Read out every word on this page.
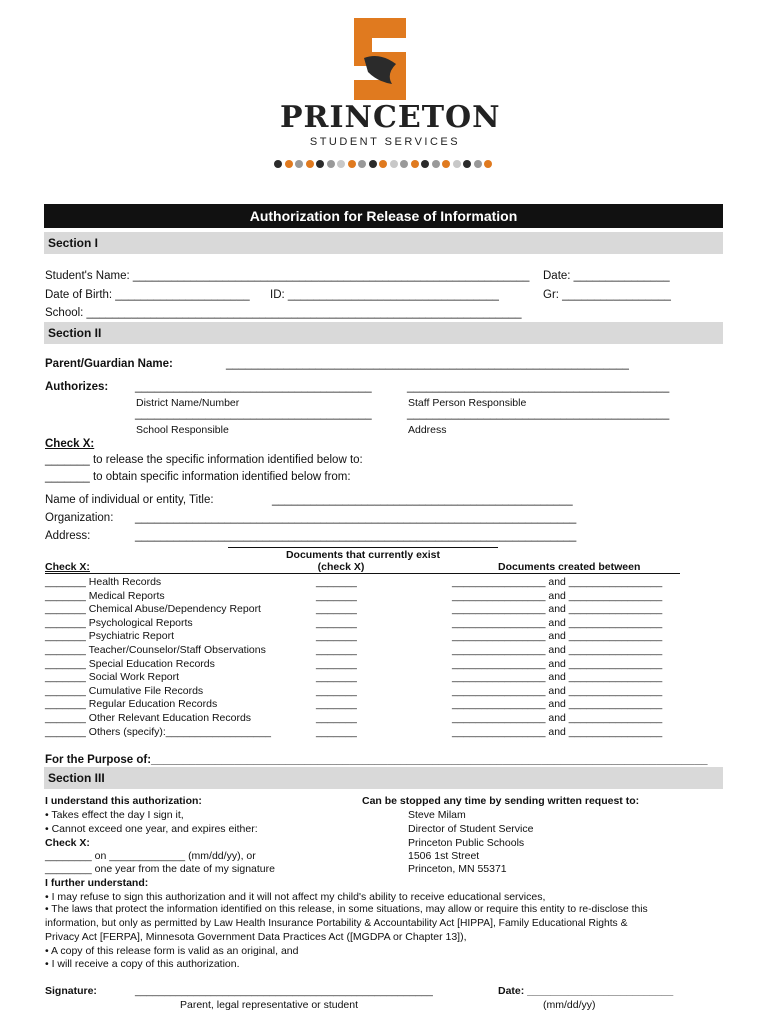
PRINCETON
STUDENT SERVICES
Authorization for Release of Information
Section I
Student's Name: ______________________________________________________________ Date: _______________
Date of Birth: _____________________ ID: _________________________________	Gr: _________________
School: ____________________________________________________________________
Section II
Parent/Guardian Name:	_______________________________________________________________
Authorizes: _____________________________________	_________________________________________
District Name/Number	Staff Person Responsible
_____________________________________	_________________________________________
School Responsible	Address
Check X:
_______ to release the specific information identified below to:
_______ to obtain specific information identified below from:
Name of individual or entity, Title:	_______________________________________________
Organization: _____________________________________________________________________
Address:	_____________________________________________________________________
Documents that currently exist
(check X)	Documents created between
Check X:
_______ Health Records	_______	________________ and ________________
_______ Medical Reports	_______	________________ and ________________
_______ Chemical Abuse/Dependency Report	_______	________________ and ________________
_______ Psychological Reports	_______	________________ and ________________
_______ Psychiatric Report	_______	________________ and ________________
_______ Teacher/Counselor/Staff Observations	_______	________________ and ________________
_______ Special Education Records	_______	________________ and ________________
_______ Social Work Report	_______	________________ and ________________
_______ Cumulative File Records	_______	________________ and ________________
_______ Regular Education Records	_______	________________ and ________________
_______ Other Relevant Education Records	_______	________________ and ________________
_______ Others (specify):__________________	_______	________________ and ________________
For the Purpose of:_______________________________________________________________________________________
Section III
I understand this authorization:
• Takes effect the day I sign it,
• Cannot exceed one year, and expires either:
Check X:
________ on _____________ (mm/dd/yy), or
________ one year from the date of my signature
Can be stopped any time by sending written request to:
Steve Milam
Director of Student Service
Princeton Public Schools
1506 1st Street
Princeton, MN 55371
I further understand:
• I may refuse to sign this authorization and it will not affect my child's ability to receive educational services,
• The laws that protect the information identified on this release, in some situations, may allow or require this entity to re-disclose this
information, but only as permitted by Law Health Insurance Portability & Accountability Act [HIPPA], Family Educational Rights &
Privacy Act [FERPA], Minnesota Government Data Practices Act ([MGDPA or Chapter 13]),
• A copy of this release form is valid as an original, and
• I will receive a copy of this authorization.
Signature:	___________________________________________________
Parent, legal representative or student
Date: _________________________
(mm/dd/yy)
